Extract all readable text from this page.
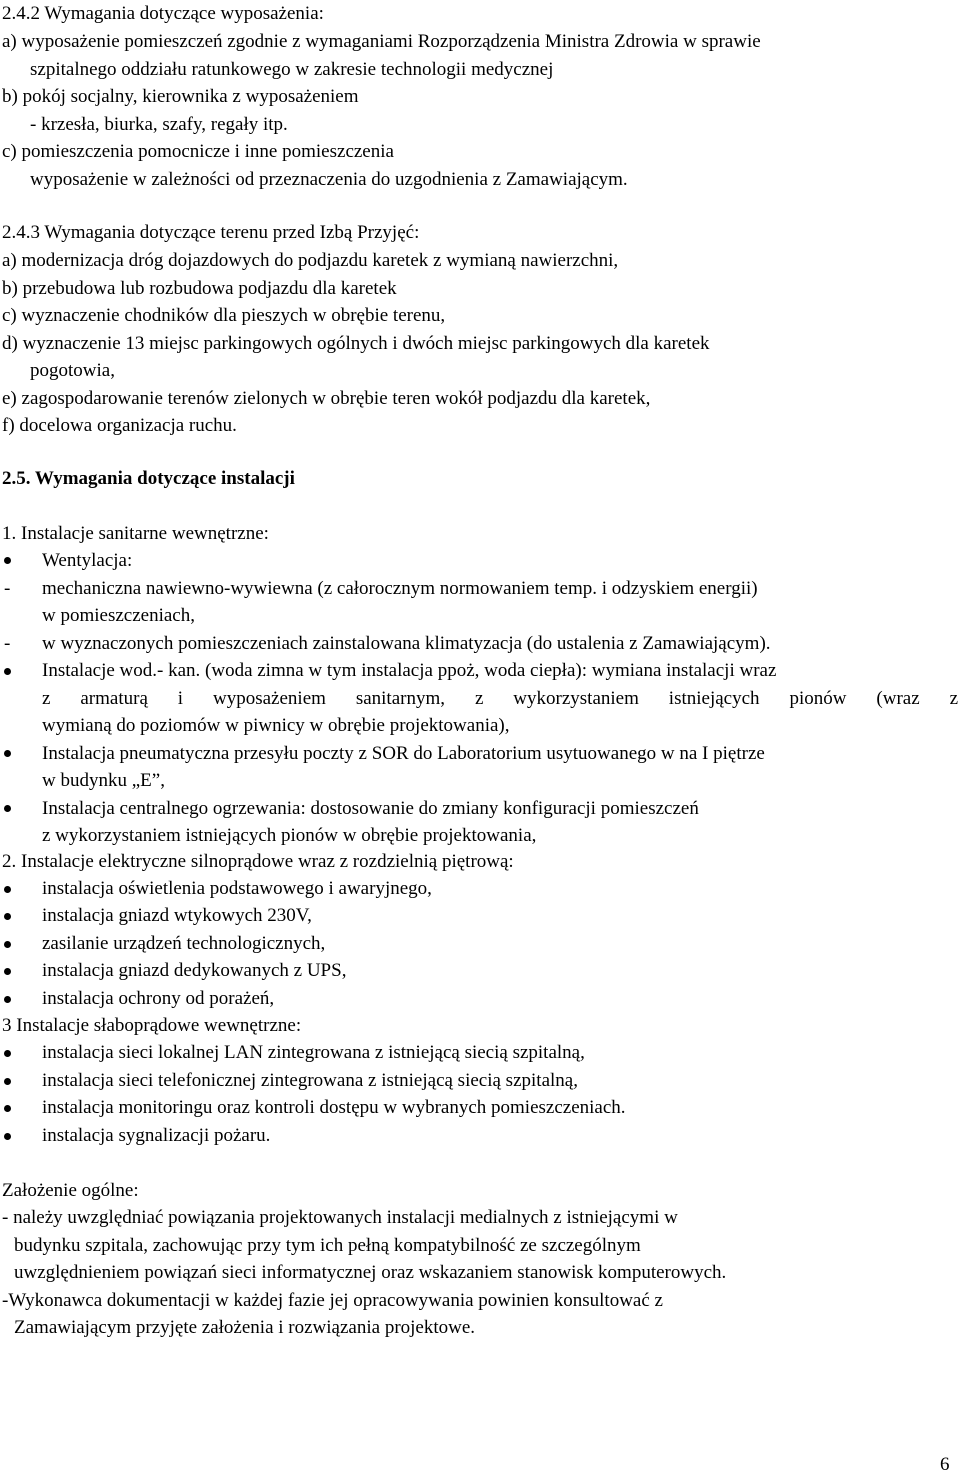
2.4.2 Wymagania dotyczące wyposażenia:
a) wyposażenie pomieszczeń zgodnie z wymaganiami Rozporządzenia Ministra Zdrowia w sprawie
szpitalnego oddziału ratunkowego w zakresie technologii medycznej
b) pokój socjalny, kierownika z wyposażeniem
- krzesła, biurka, szafy, regały itp.
c) pomieszczenia pomocnicze i inne pomieszczenia
wyposażenie w zależności od przeznaczenia do uzgodnienia z Zamawiającym.
2.4.3 Wymagania dotyczące terenu przed Izbą Przyjęć:
a) modernizacja dróg dojazdowych do podjazdu karetek z wymianą nawierzchni,
b) przebudowa lub rozbudowa podjazdu dla karetek
c) wyznaczenie chodników dla pieszych w obrębie terenu,
d) wyznaczenie 13 miejsc parkingowych ogólnych i dwóch miejsc parkingowych dla karetek
pogotowia,
e) zagospodarowanie terenów zielonych w obrębie teren wokół podjazdu dla karetek,
f) docelowa organizacja ruchu.
2.5. Wymagania dotyczące instalacji
1. Instalacje sanitarne wewnętrzne:
Wentylacja:
- mechaniczna nawiewno-wywiewna (z całorocznym normowaniem temp. i odzyskiem energii)
w pomieszczeniach,
- w wyznaczonych pomieszczeniach zainstalowana klimatyzacja (do ustalenia z Zamawiającym).
Instalacje wod.- kan. (woda zimna w tym instalacja ppoż, woda ciepła): wymiana instalacji wraz
z armaturą i wyposażeniem sanitarnym, z wykorzystaniem istniejących pionów (wraz z
wymianą do poziomów w piwnicy w obrębie projektowania),
Instalacja pneumatyczna przesyłu poczty z SOR do Laboratorium usytuowanego w na I piętrze
w budynku „E”,
Instalacja centralnego ogrzewania: dostosowanie do zmiany konfiguracji pomieszczeń
z wykorzystaniem istniejących pionów w obrębie projektowania,
2. Instalacje elektryczne silnoprądowe wraz z rozdzielnią piętrową:
instalacja oświetlenia podstawowego i awaryjnego,
instalacja gniazd wtykowych 230V,
zasilanie urządzeń technologicznych,
instalacja gniazd dedykowanych z UPS,
instalacja ochrony od porażeń,
3 Instalacje słaboprądowe wewnętrzne:
instalacja sieci lokalnej LAN zintegrowana z istniejącą siecią szpitalną,
instalacja sieci telefonicznej zintegrowana z istniejącą siecią szpitalną,
instalacja monitoringu oraz kontroli dostępu w wybranych pomieszczeniach.
instalacja sygnalizacji pożaru.
Założenie ogólne:
- należy uwzględniać powiązania projektowanych instalacji medialnych z istniejącymi w
budynku szpitala, zachowując przy tym ich pełną kompatybilność ze szczególnym
uwzględnieniem powiązań sieci informatycznej oraz wskazaniem stanowisk komputerowych.
-Wykonawca dokumentacji w każdej fazie jej opracowywania powinien konsultować z
Zamawiającym przyjęte założenia i rozwiązania projektowe.
6
